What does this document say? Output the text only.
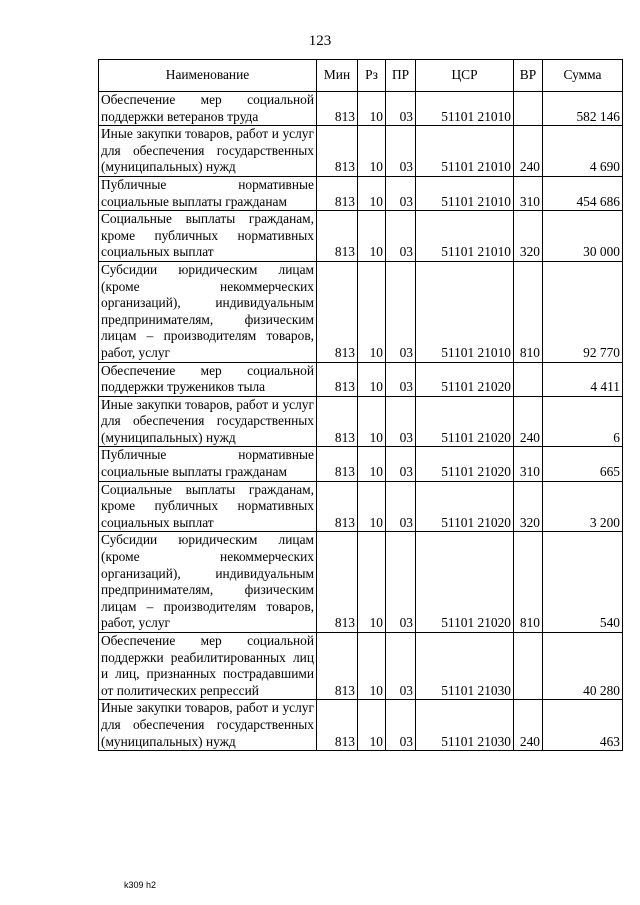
123
Наименование	Мин	Рз	ПР	ЦСР	ВР	Сумма
Обеспечение мер социальной поддержки ветеранов труда	813	10	03	51101 21010		582 146
Иные закупки товаров, работ и услуг для обеспечения государственных (муниципальных) нужд	813	10	03	51101 21010	240	4 690
Публичные нормативные социальные выплаты гражданам	813	10	03	51101 21010	310	454 686
Социальные выплаты гражданам, кроме публичных нормативных социальных выплат	813	10	03	51101 21010	320	30 000
Субсидии юридическим лицам (кроме некоммерческих организаций), индивидуальным предпринимателям, физическим лицам – производителям товаров, работ, услуг	813	10	03	51101 21010	810	92 770
Обеспечение мер социальной поддержки тружеников тыла	813	10	03	51101 21020		4 411
Иные закупки товаров, работ и услуг для обеспечения государственных (муниципальных) нужд	813	10	03	51101 21020	240	6
Публичные нормативные социальные выплаты гражданам	813	10	03	51101 21020	310	665
Социальные выплаты гражданам, кроме публичных нормативных социальных выплат	813	10	03	51101 21020	320	3 200
Субсидии юридическим лицам (кроме некоммерческих организаций), индивидуальным предпринимателям, физическим лицам – производителям товаров, работ, услуг	813	10	03	51101 21020	810	540
Обеспечение мер социальной поддержки реабилитированных лиц и лиц, признанных пострадавшими от политических репрессий	813	10	03	51101 21030		40 280
Иные закупки товаров, работ и услуг для обеспечения государственных (муниципальных) нужд	813	10	03	51101 21030	240	463
k309 h2
